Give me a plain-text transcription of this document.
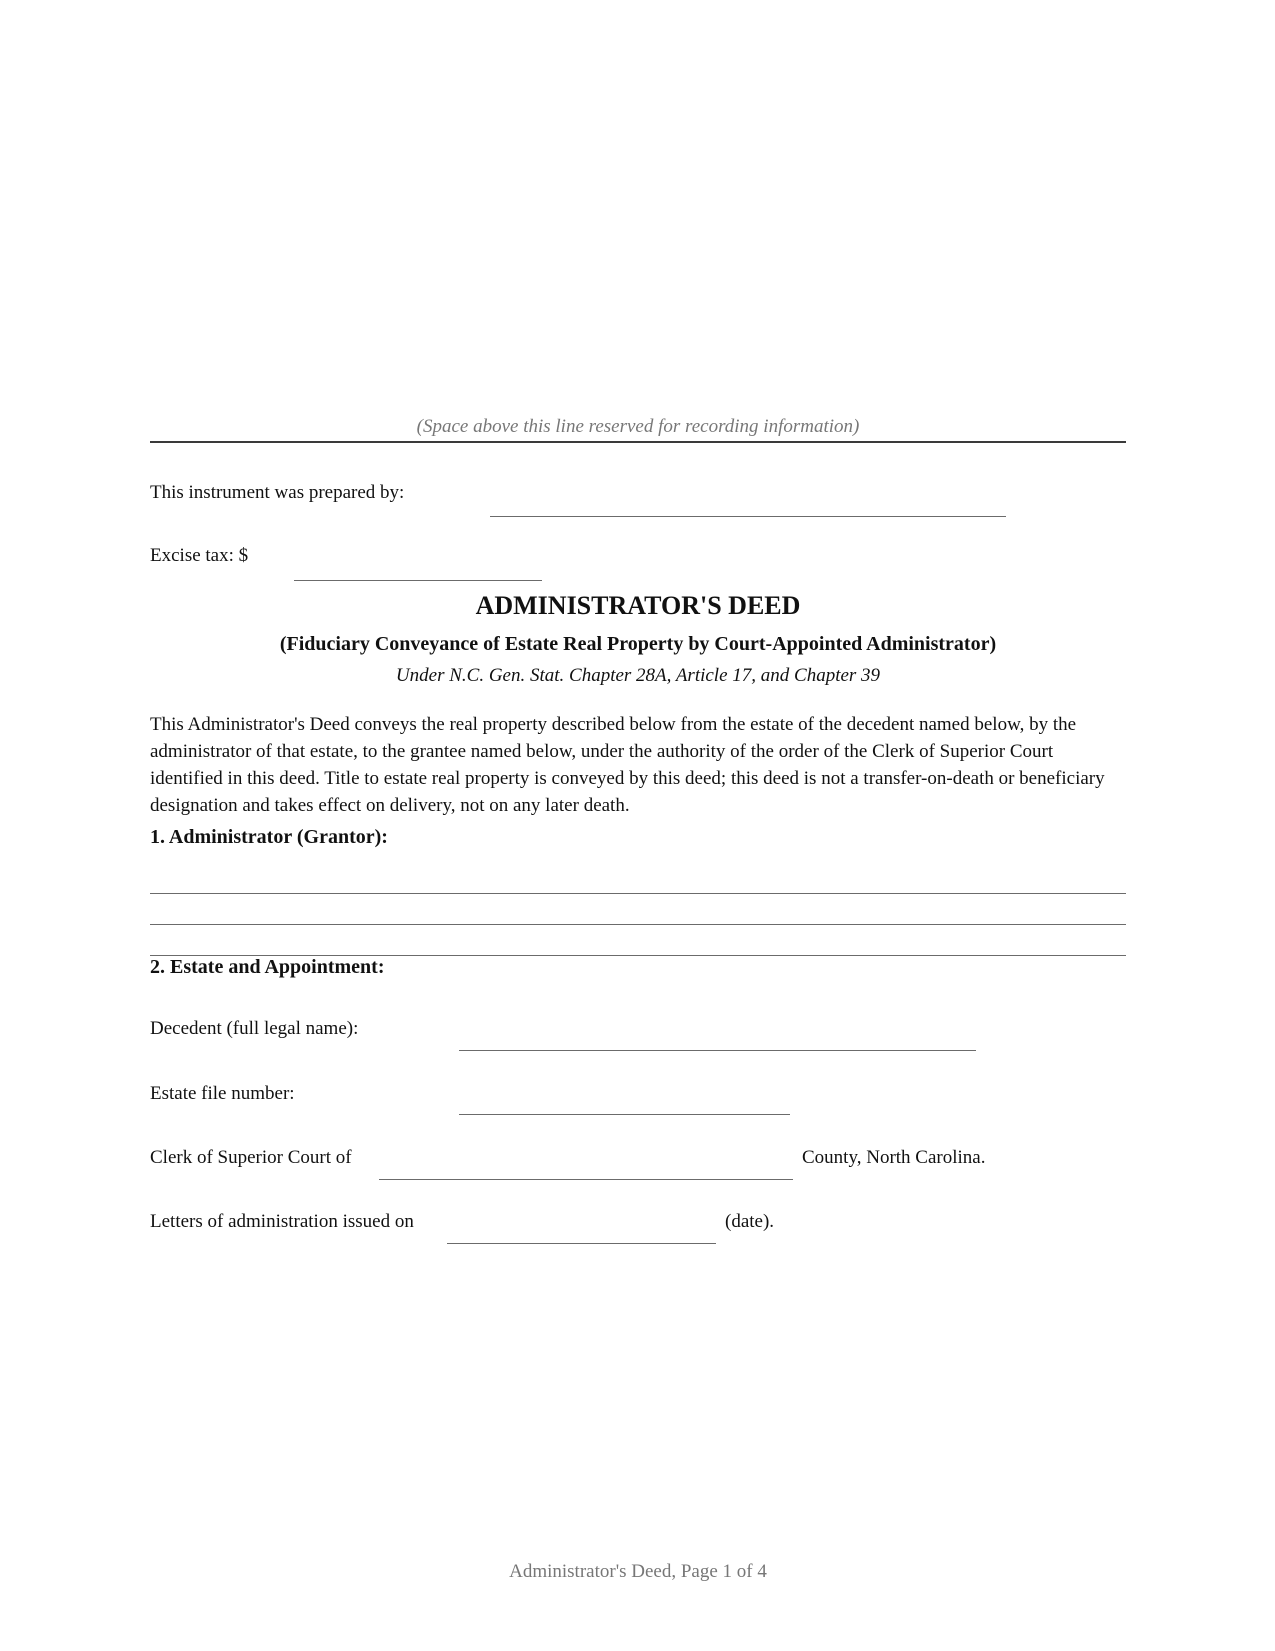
(Space above this line reserved for recording information)
This instrument was prepared by:
Excise tax: $
ADMINISTRATOR'S DEED
(Fiduciary Conveyance of Estate Real Property by Court-Appointed Administrator)
Under N.C. Gen. Stat. Chapter 28A, Article 17, and Chapter 39
This Administrator's Deed conveys the real property described below from the estate of the decedent named below, by the administrator of that estate, to the grantee named below, under the authority of the order of the Clerk of Superior Court identified in this deed. Title to estate real property is conveyed by this deed; this deed is not a transfer-on-death or beneficiary designation and takes effect on delivery, not on any later death.
1. Administrator (Grantor):
2. Estate and Appointment:
Decedent (full legal name):
Estate file number:
Clerk of Superior Court of	County, North Carolina.
Letters of administration issued on	(date).
Administrator's Deed, Page 1 of 4
